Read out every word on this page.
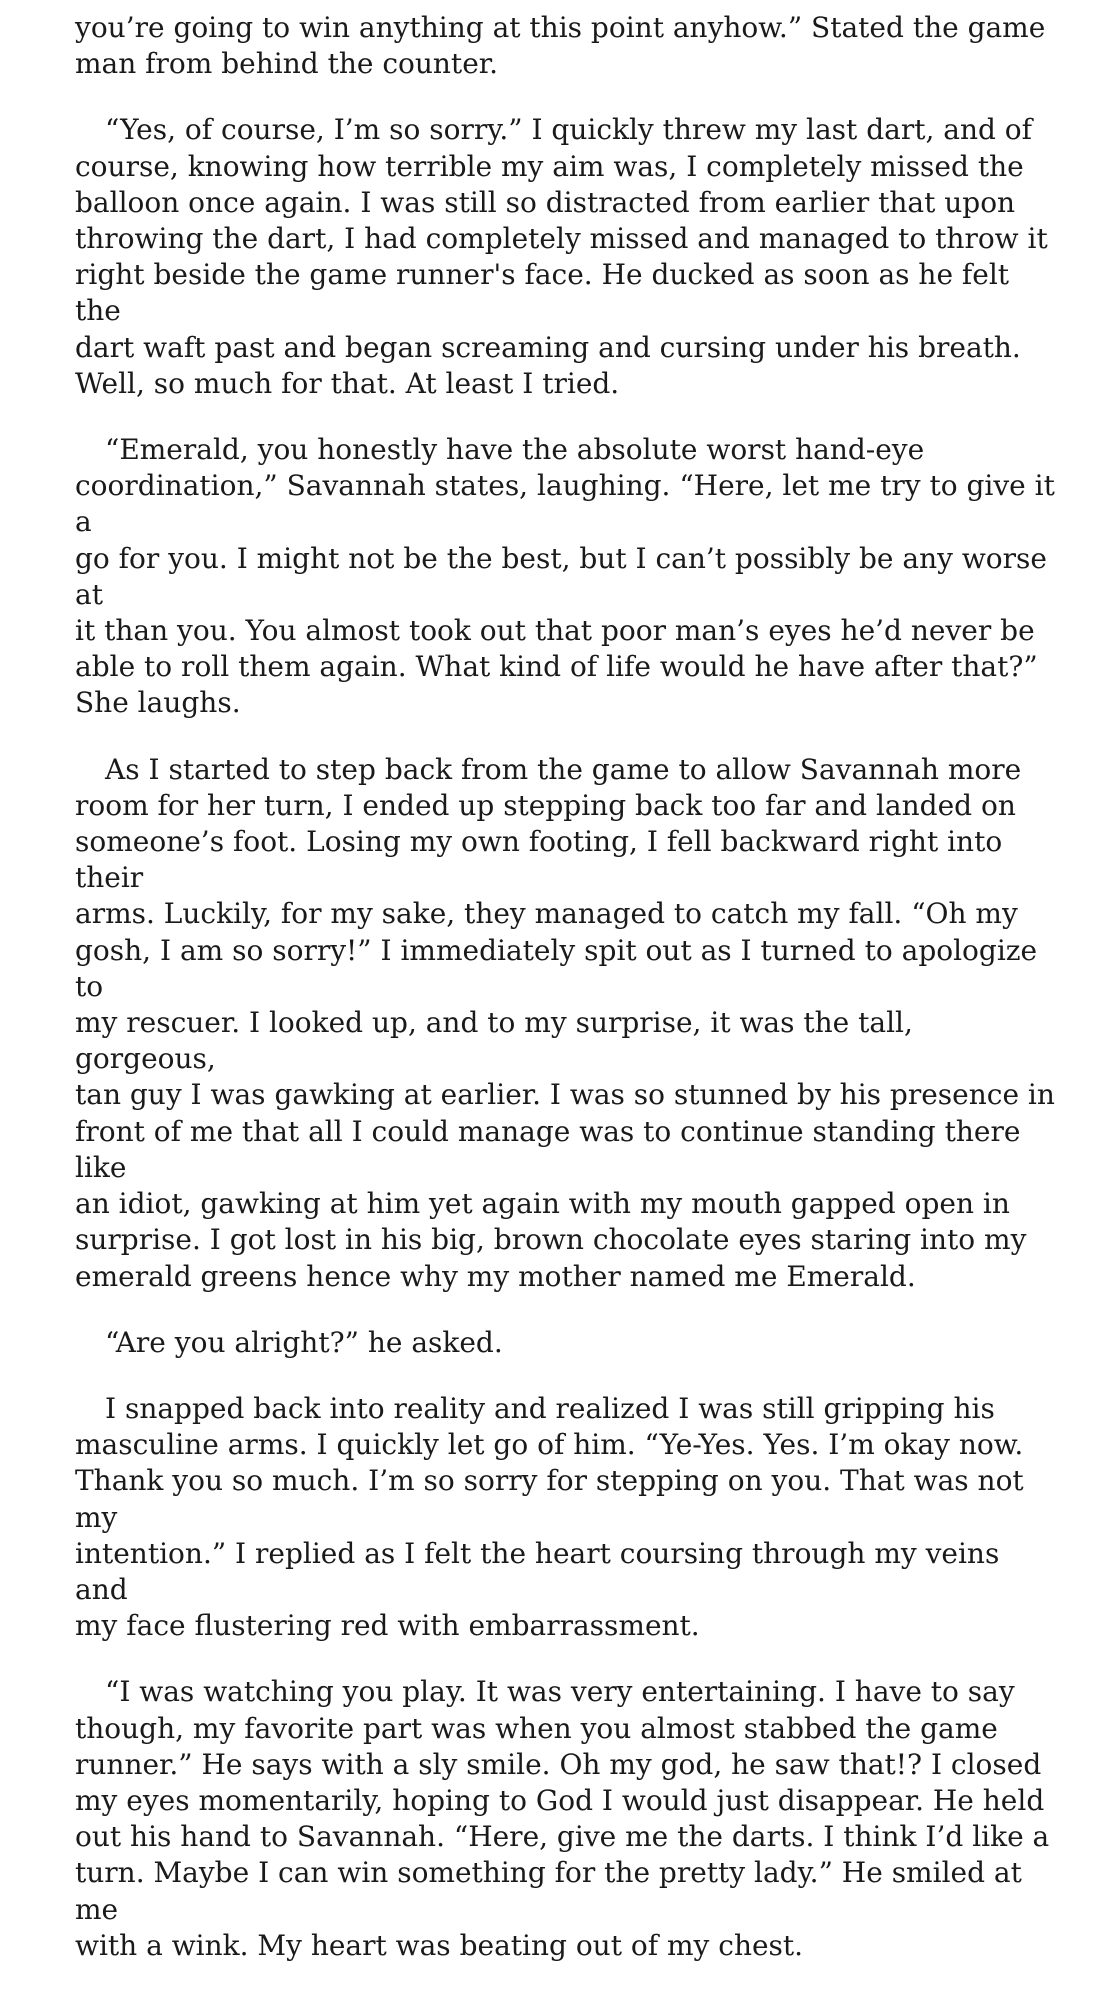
you’re going to win anything at this point anyhow.” Stated the game
man from behind the counter.

“Yes, of course, I’m so sorry.” I quickly threw my last dart, and of
course, knowing how terrible my aim was, I completely missed the
balloon once again. I was still so distracted from earlier that upon
throwing the dart, I had completely missed and managed to throw it
right beside the game runner's face. He ducked as soon as he felt the
dart waft past and began screaming and cursing under his breath.
Well, so much for that. At least I tried.

“Emerald, you honestly have the absolute worst hand-eye
coordination,” Savannah states, laughing. “Here, let me try to give it a
go for you. I might not be the best, but I can’t possibly be any worse at
it than you. You almost took out that poor man’s eyes he’d never be
able to roll them again. What kind of life would he have after that?”
She laughs.

As I started to step back from the game to allow Savannah more
room for her turn, I ended up stepping back too far and landed on
someone’s foot. Losing my own footing, I fell backward right into their
arms. Luckily, for my sake, they managed to catch my fall. “Oh my
gosh, I am so sorry!” I immediately spit out as I turned to apologize to
my rescuer. I looked up, and to my surprise, it was the tall, gorgeous,
tan guy I was gawking at earlier. I was so stunned by his presence in
front of me that all I could manage was to continue standing there like
an idiot, gawking at him yet again with my mouth gapped open in
surprise. I got lost in his big, brown chocolate eyes staring into my
emerald greens hence why my mother named me Emerald.

“Are you alright?” he asked.

I snapped back into reality and realized I was still gripping his
masculine arms. I quickly let go of him. “Ye-Yes. Yes. I’m okay now.
Thank you so much. I’m so sorry for stepping on you. That was not my
intention.” I replied as I felt the heart coursing through my veins and
my face flustering red with embarrassment.

“I was watching you play. It was very entertaining. I have to say
though, my favorite part was when you almost stabbed the game
runner.” He says with a sly smile. Oh my god, he saw that!? I closed
my eyes momentarily, hoping to God I would just disappear. He held
out his hand to Savannah. “Here, give me the darts. I think I’d like a
turn. Maybe I can win something for the pretty lady.” He smiled at me
with a wink. My heart was beating out of my chest.
